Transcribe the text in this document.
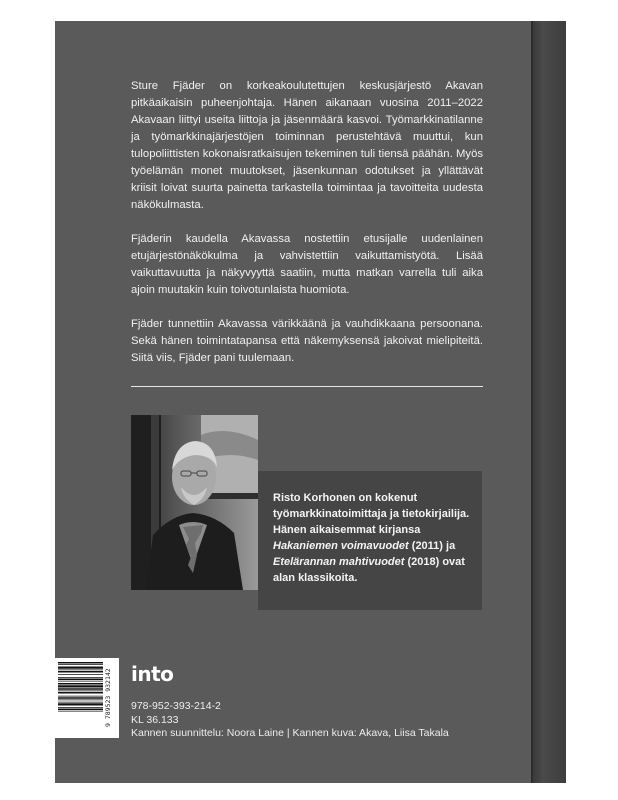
Sture Fjäder on korkeakoulutettujen keskusjärjestö Akavan pitkäaikaisin puheenjohtaja. Hänen aikanaan vuosina 2011–2022 Akavaan liittyi useita liittoja ja jäsenmäärä kasvoi. Työmarkkinatilanne ja työmarkkinajärjestöjen toiminnan perustehtävä muuttui, kun tulopoliittisten kokonaisratkaisujen tekeminen tuli tiensä päähän. Myös työelämän monet muutokset, jäsenkunnan odotukset ja yllättävät kriisit loivat suurta painetta tarkastella toimintaa ja tavoitteita uudesta näkökulmasta.

Fjäderin kaudella Akavassa nostettiin etusijalle uudenlainen etujärjestönäkökulma ja vahvistettiin vaikuttamistyötä. Lisää vaikuttavuutta ja näkyvyyttä saatiin, mutta matkan varrella tuli aika ajoin muutakin kuin toivotunlaista huomiota.

Fjäder tunnettiin Akavassa värikkäänä ja vauhdikkaana persoonana. Sekä hänen toimintatapansa että näkemyksensä jakoivat mielipiteitä. Siitä viis, Fjäder pani tuulemaan.

Risto Korhonen on kokenut työmarkkinatoimittaja ja tietokirjailija. Hänen aikaisemmat kirjansa Hakaniemen voimavuodet (2011) ja Etelärannan mahtivuodet (2018) ovat alan klassikoita.
9 789523 932142 into
978-952-393-214-2
KL 36.133
Kannen suunnittelu: Noora Laine | Kannen kuva: Akava, Liisa Takala
